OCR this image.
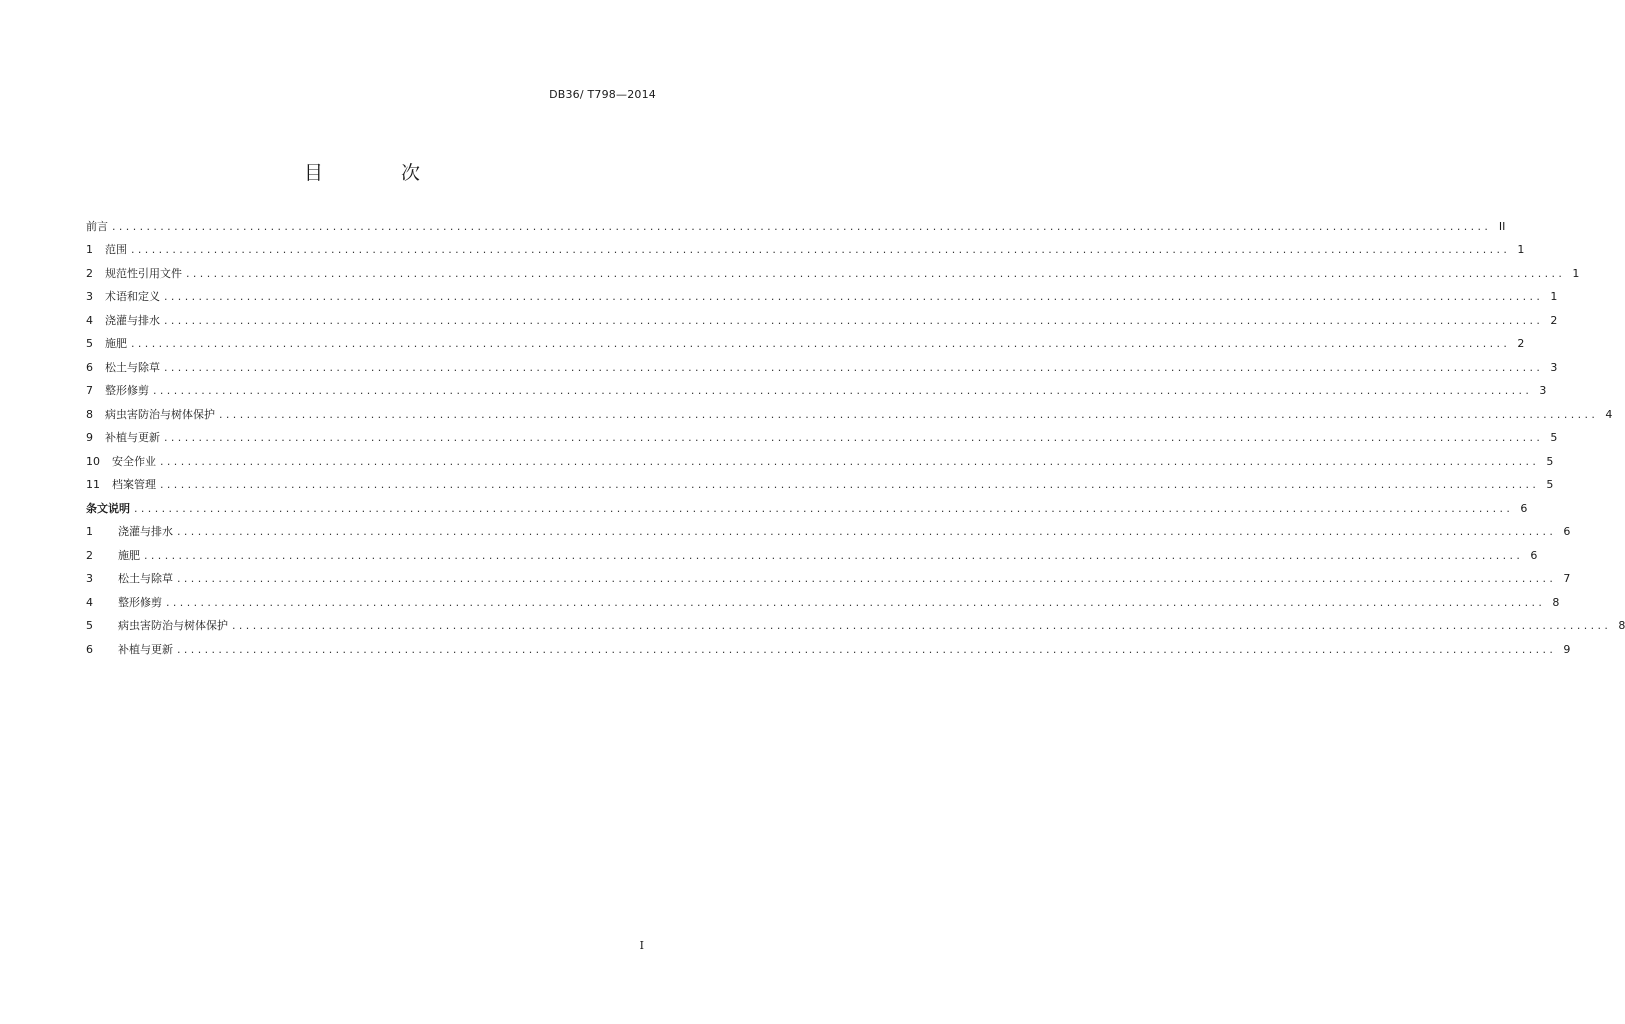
DB36/ T798—2014
目 次
前言 ........................................................................................................................................................................................................ II
1	范围 ........................................................................................................................................................................................................ 1
2	规范性引用文件 ........................................................................................................................................................................................................ 1
3	术语和定义 ........................................................................................................................................................................................................ 1
4	浇灌与排水 ........................................................................................................................................................................................................ 2
5	施肥 ........................................................................................................................................................................................................ 2
6	松土与除草 ........................................................................................................................................................................................................ 3
7	整形修剪 ........................................................................................................................................................................................................ 3
8	病虫害防治与树体保护 ........................................................................................................................................................................................................ 4
9	补植与更新 ........................................................................................................................................................................................................ 5
10	安全作业 ........................................................................................................................................................................................................ 5
11	档案管理 ........................................................................................................................................................................................................ 5
条文说明 ........................................................................................................................................................................................................ 6
1	浇灌与排水 ........................................................................................................................................................................................................ 6
2	施肥 ........................................................................................................................................................................................................ 6
3	松土与除草 ........................................................................................................................................................................................................ 7
4	整形修剪 ........................................................................................................................................................................................................ 8
5	病虫害防治与树体保护 ........................................................................................................................................................................................................ 8
6	补植与更新 ........................................................................................................................................................................................................ 9
I
